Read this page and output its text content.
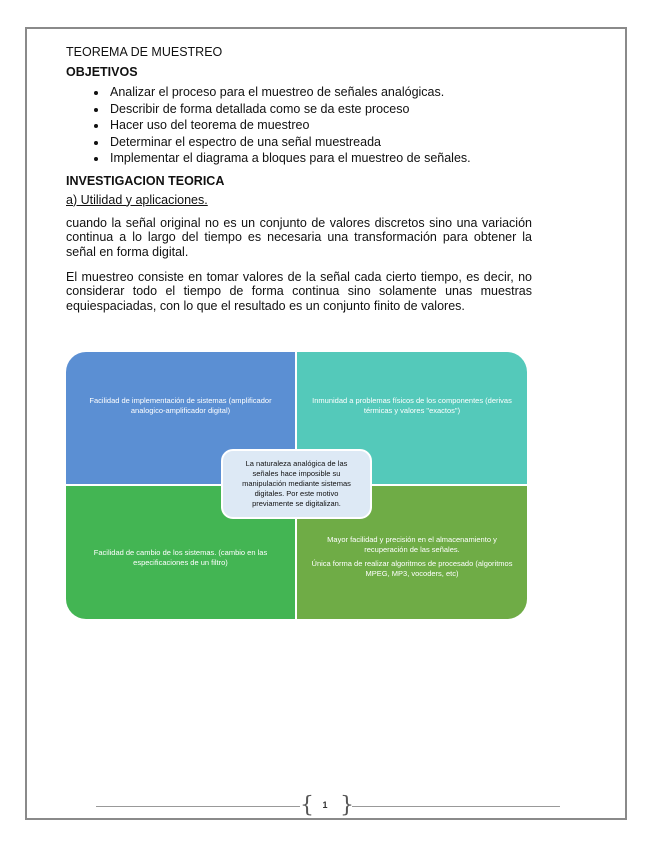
TEOREMA DE MUESTREO
OBJETIVOS
• Analizar el proceso para el muestreo de señales analógicas.
• Describir de forma detallada como se da este proceso
• Hacer uso del teorema de muestreo
• Determinar el espectro de una señal muestreada
• Implementar el diagrama a bloques para el muestreo de señales.
INVESTIGACION TEORICA
a) Utilidad y aplicaciones.

cuando la señal original no es un conjunto de valores discretos sino una variación continua a lo largo del tiempo es necesaria una transformación para obtener la señal en forma digital.

El muestreo consiste en tomar valores de la señal cada cierto tiempo, es decir, no considerar todo el tiempo de forma continua sino solamente unas muestras equiespaciadas, con lo que el resultado es un conjunto finito de valores.

Facilidad de implementación de sistemas (amplificador analogico-amplificador digital)
Inmunidad a problemas físicos de los componentes (derivas térmicas y valores "exactos")
Facilidad de cambio de los sistemas. (cambio en las especificaciones de un filtro)
Mayor facilidad y precisión en el almacenamiento y recuperación de las señales.
Única forma de realizar algoritmos de procesado (algoritmos MPEG, MP3, vocoders, etc)
La naturaleza analógica de las señales hace imposible su manipulación mediante sistemas digitales. Por este motivo previamente se digitalizan.
{ }
1
